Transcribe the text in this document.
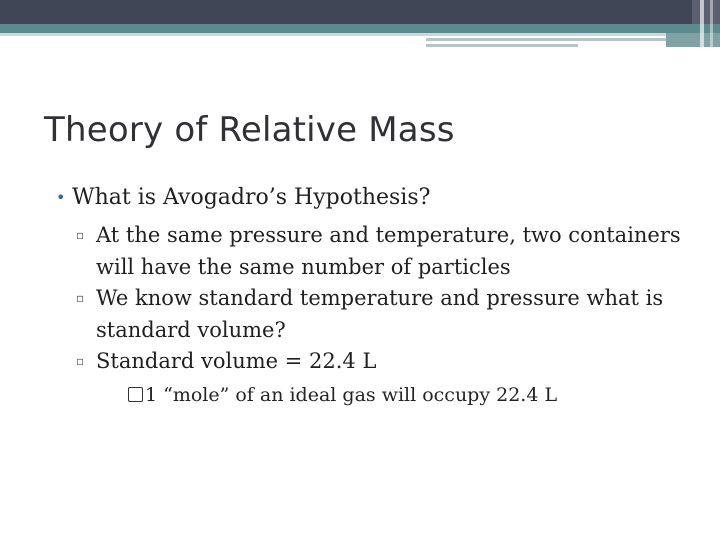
Theory of Relative Mass
• What is Avogadro’s Hypothesis?
▫ At the same pressure and temperature, two containers will have the same number of particles
▫ We know standard temperature and pressure what is standard volume?
▫ Standard volume = 22.4 L
1 “mole” of an ideal gas will occupy 22.4 L
